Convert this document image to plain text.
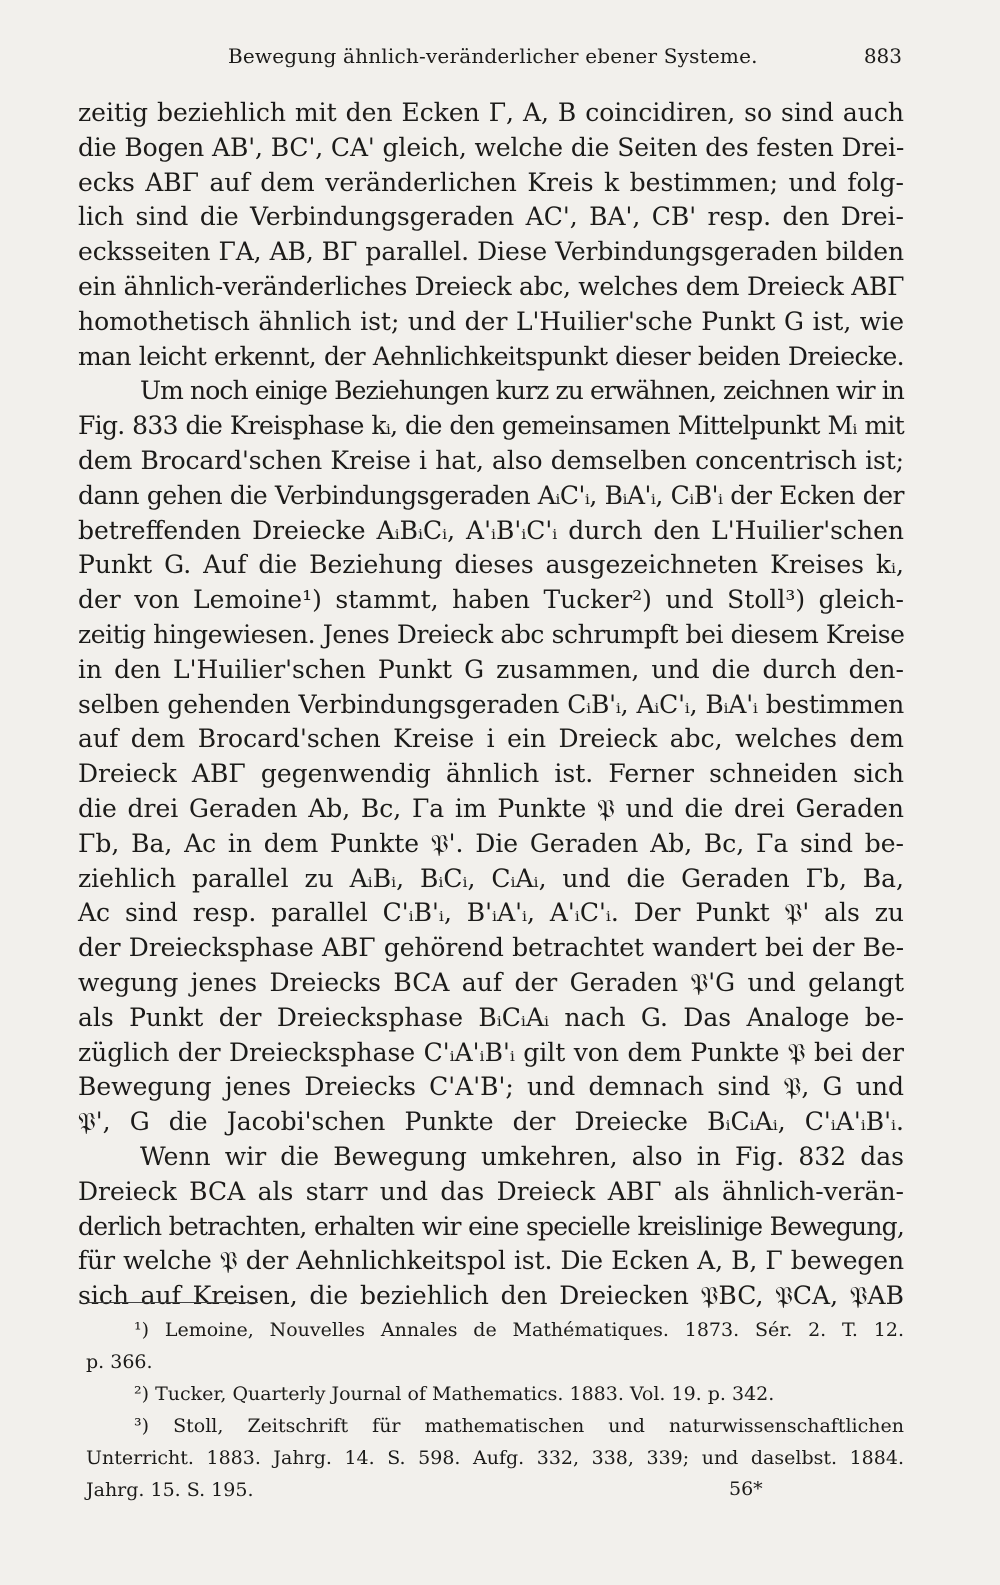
Bewegung ähnlich-veränderlicher ebener Systeme.	883
zeitig beziehlich mit den Ecken Γ, A, B coincidiren, so sind auch
die Bogen AB', BC', CA' gleich, welche die Seiten des festen Drei-
ecks ABΓ auf dem veränderlichen Kreis k bestimmen; und folg-
lich sind die Verbindungsgeraden AC', BA', CB' resp. den Drei-
ecksseiten ΓA, AB, BΓ parallel. Diese Verbindungsgeraden bilden
ein ähnlich-veränderliches Dreieck abc, welches dem Dreieck ABΓ
homothetisch ähnlich ist; und der L'Huilier'sche Punkt G ist, wie
man leicht erkennt, der Aehnlichkeitspunkt dieser beiden Dreiecke.
Um noch einige Beziehungen kurz zu erwähnen, zeichnen wir in
Fig. 833 die Kreisphase kᵢ, die den gemeinsamen Mittelpunkt Mᵢ mit
dem Brocard'schen Kreise i hat, also demselben concentrisch ist;
dann gehen die Verbindungsgeraden AᵢC'ᵢ, BᵢA'ᵢ, CᵢB'ᵢ der Ecken der
betreffenden Dreiecke AᵢBᵢCᵢ, A'ᵢB'ᵢC'ᵢ durch den L'Huilier'schen
Punkt G. Auf die Beziehung dieses ausgezeichneten Kreises kᵢ,
der von Lemoine¹) stammt, haben Tucker²) und Stoll³) gleich-
zeitig hingewiesen. Jenes Dreieck abc schrumpft bei diesem Kreise
in den L'Huilier'schen Punkt G zusammen, und die durch den-
selben gehenden Verbindungsgeraden CᵢB'ᵢ, AᵢC'ᵢ, BᵢA'ᵢ bestimmen
auf dem Brocard'schen Kreise i ein Dreieck abc, welches dem
Dreieck ABΓ gegenwendig ähnlich ist. Ferner schneiden sich
die drei Geraden Ab, Bc, Γa im Punkte 𝔓 und die drei Geraden
Γb, Ba, Ac in dem Punkte 𝔓'. Die Geraden Ab, Bc, Γa sind be-
ziehlich parallel zu AᵢBᵢ, BᵢCᵢ, CᵢAᵢ, und die Geraden Γb, Ba,
Ac sind resp. parallel C'ᵢB'ᵢ, B'ᵢA'ᵢ, A'ᵢC'ᵢ. Der Punkt 𝔓' als zu
der Dreiecksphase ABΓ gehörend betrachtet wandert bei der Be-
wegung jenes Dreiecks BCA auf der Geraden 𝔓'G und gelangt
als Punkt der Dreiecksphase BᵢCᵢAᵢ nach G. Das Analoge be-
züglich der Dreiecksphase C'ᵢA'ᵢB'ᵢ gilt von dem Punkte 𝔓 bei der
Bewegung jenes Dreiecks C'A'B'; und demnach sind 𝔓, G und
𝔓', G die Jacobi'schen Punkte der Dreiecke BᵢCᵢAᵢ, C'ᵢA'ᵢB'ᵢ.
Wenn wir die Bewegung umkehren, also in Fig. 832 das
Dreieck BCA als starr und das Dreieck ABΓ als ähnlich-verän-
derlich betrachten, erhalten wir eine specielle kreislinige Bewegung,
für welche 𝔓 der Aehnlichkeitspol ist. Die Ecken A, B, Γ bewegen
sich auf Kreisen, die beziehlich den Dreiecken 𝔓BC, 𝔓CA, 𝔓AB
¹) Lemoine, Nouvelles Annales de Mathématiques. 1873. Sér. 2. T. 12.
p. 366.
²) Tucker, Quarterly Journal of Mathematics. 1883. Vol. 19. p. 342.
³) Stoll, Zeitschrift für mathematischen und naturwissenschaftlichen
Unterricht. 1883. Jahrg. 14. S. 598. Aufg. 332, 338, 339; und daselbst. 1884.
Jahrg. 15. S. 195.	56*
